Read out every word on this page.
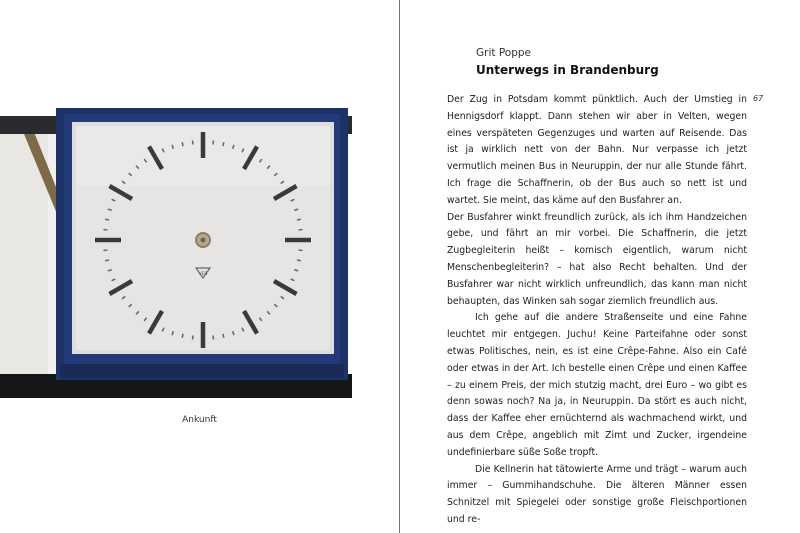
VEB
Ankunft

Grit Poppe

Unterwegs in Brandenburg
67

Der Zug in Potsdam kommt pünktlich. Auch der Umstieg in Hennigsdorf klappt. Dann stehen wir aber in Velten, wegen eines verspäteten Gegenzuges und warten auf Reisende. Das ist ja wirklich nett von der Bahn. Nur verpasse ich jetzt vermutlich meinen Bus in Neuruppin, der nur alle Stunde fährt. Ich frage die Schaffnerin, ob der Bus auch so nett ist und wartet. Sie meint, das käme auf den Busfahrer an.

Der Busfahrer winkt freundlich zurück, als ich ihm Handzeichen gebe, und fährt an mir vorbei. Die Schaffnerin, die jetzt Zugbegleiterin heißt – komisch eigentlich, warum nicht Menschenbegleiterin? – hat also Recht behalten. Und der Busfahrer war nicht wirklich unfreundlich, das kann man nicht behaupten, das Winken sah sogar ziemlich freundlich aus.

Ich gehe auf die andere Straßenseite und eine Fahne leuchtet mir entgegen. Juchu! Keine Parteifahne oder sonst etwas Politisches, nein, es ist eine Crêpe-Fahne. Also ein Café oder etwas in der Art. Ich bestelle einen Crêpe und einen Kaffee – zu einem Preis, der mich stutzig macht, drei Euro – wo gibt es denn sowas noch? Na ja, in Neuruppin. Da stört es auch nicht, dass der Kaffee eher ernüchternd als wachmachend wirkt, und aus dem Crêpe, angeblich mit Zimt und Zucker, irgendeine undefinierbare süße Soße tropft.

Die Kellnerin hat tätowierte Arme und trägt – warum auch immer – Gummihandschuhe. Die älteren Männer essen Schnitzel mit Spiegelei oder sonstige große Fleischportionen und re-
